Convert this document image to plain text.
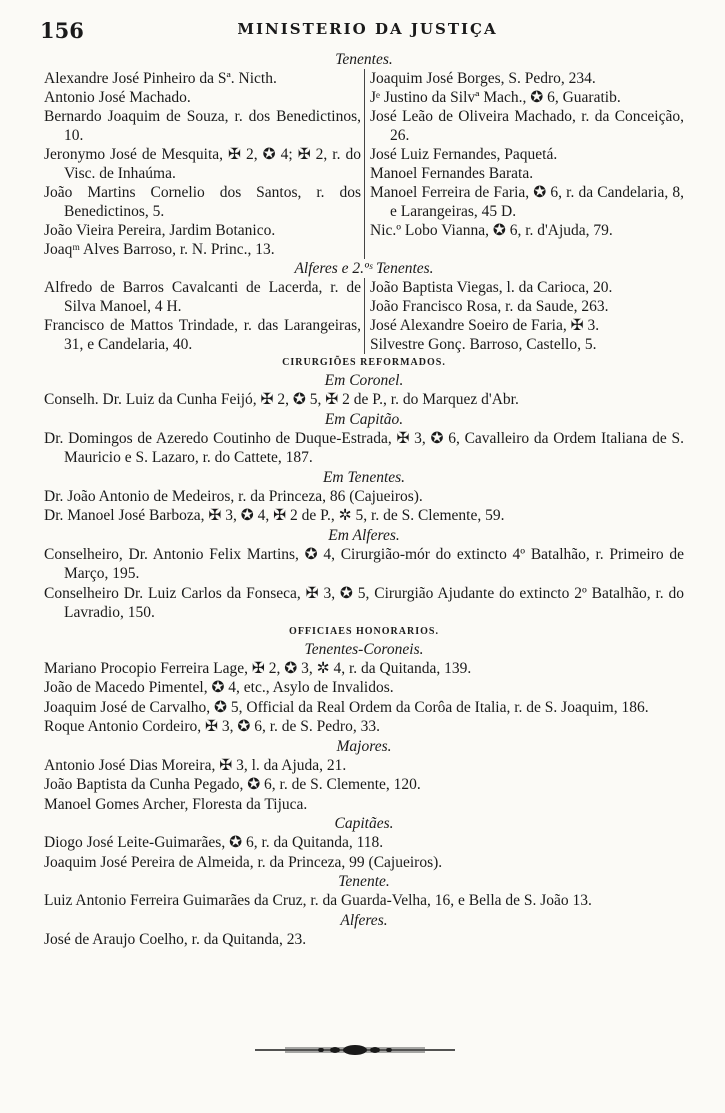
156	MINISTERIO DA JUSTIÇA
Tenentes.
Alexandre José Pinheiro da Sª. Nicth.
Antonio José Machado.
Bernardo Joaquim de Souza, r. dos Benedictinos, 10.
Jeronymo José de Mesquita, ✠ 2, ✪ 4; ✠ 2, r. do Visc. de Inhaúma.
João Martins Cornelio dos Santos, r. dos Benedictinos, 5.
João Vieira Pereira, Jardim Botanico.
Joaqᵐ Alves Barroso, r. N. Princ., 13.
Joaquim José Borges, S. Pedro, 234.
Jᵉ Justino da Silvª Mach., ✪ 6, Guaratib.
José Leão de Oliveira Machado, r. da Conceição, 26.
José Luiz Fernandes, Paquetá.
Manoel Fernandes Barata.
Manoel Ferreira de Faria, ✪ 6, r. da Candelaria, 8, e Larangeiras, 45 D.
Nic.º Lobo Vianna, ✪ 6, r. d'Ajuda, 79.
Alferes e 2.ºˢ Tenentes.
Alfredo de Barros Cavalcanti de Lacerda, r. de Silva Manoel, 4 H.
Francisco de Mattos Trindade, r. das Larangeiras, 31, e Candelaria, 40.
João Baptista Viegas, l. da Carioca, 20.
João Francisco Rosa, r. da Saude, 263.
José Alexandre Soeiro de Faria, ✠ 3.
Silvestre Gonç. Barroso, Castello, 5.
CIRURGIÕES REFORMADOS.
Em Coronel.
Conselh. Dr. Luiz da Cunha Feijó, ✠ 2, ✪ 5, ✠ 2 de P., r. do Marquez d'Abr.
Em Capitão.
Dr. Domingos de Azeredo Coutinho de Duque-Estrada, ✠ 3, ✪ 6, Cavalleiro da Ordem Italiana de S. Mauricio e S. Lazaro, r. do Cattete, 187.
Em Tenentes.
Dr. João Antonio de Medeiros, r. da Princeza, 86 (Cajueiros).
Dr. Manoel José Barboza, ✠ 3, ✪ 4, ✠ 2 de P., ✲ 5, r. de S. Clemente, 59.
Em Alferes.
Conselheiro, Dr. Antonio Felix Martins, ✪ 4, Cirurgião-mór do extincto 4º Batalhão, r. Primeiro de Março, 195.
Conselheiro Dr. Luiz Carlos da Fonseca, ✠ 3, ✪ 5, Cirurgião Ajudante do extincto 2º Batalhão, r. do Lavradio, 150.
OFFICIAES HONORARIOS.
Tenentes-Coroneis.
Mariano Procopio Ferreira Lage, ✠ 2, ✪ 3, ✲ 4, r. da Quitanda, 139.
João de Macedo Pimentel, ✪ 4, etc., Asylo de Invalidos.
Joaquim José de Carvalho, ✪ 5, Official da Real Ordem da Corôa de Italia, r. de S. Joaquim, 186.
Roque Antonio Cordeiro, ✠ 3, ✪ 6, r. de S. Pedro, 33.
Majores.
Antonio José Dias Moreira, ✠ 3, l. da Ajuda, 21.
João Baptista da Cunha Pegado, ✪ 6, r. de S. Clemente, 120.
Manoel Gomes Archer, Floresta da Tijuca.
Capitães.
Diogo José Leite-Guimarães, ✪ 6, r. da Quitanda, 118.
Joaquim José Pereira de Almeida, r. da Princeza, 99 (Cajueiros).
Tenente.
Luiz Antonio Ferreira Guimarães da Cruz, r. da Guarda-Velha, 16, e Bella de S. João 13.
Alferes.
José de Araujo Coelho, r. da Quitanda, 23.
